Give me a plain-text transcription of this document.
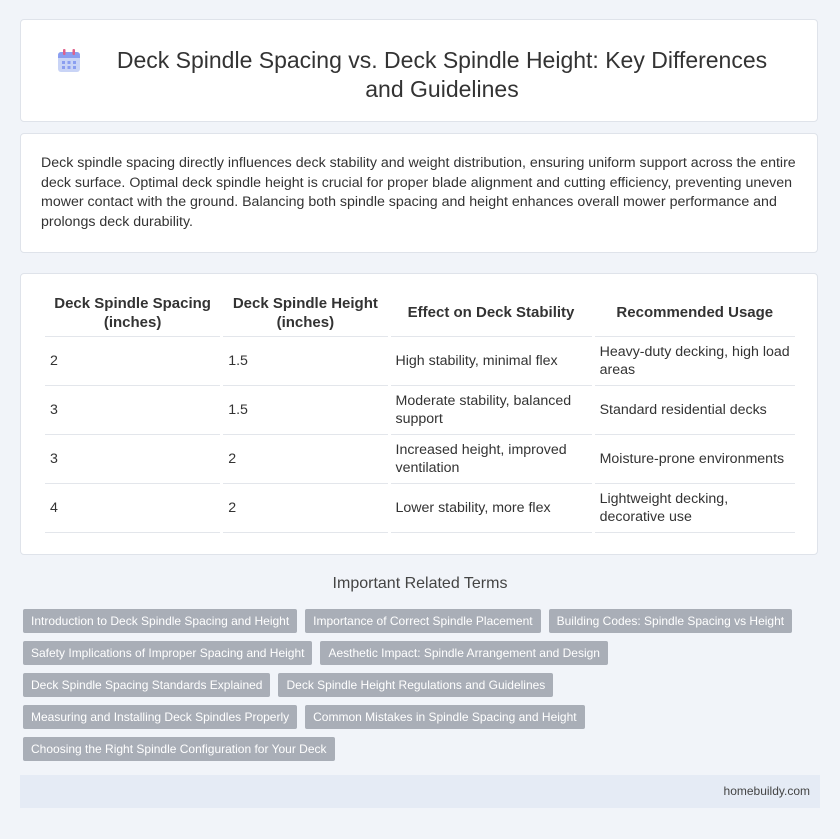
Deck Spindle Spacing vs. Deck Spindle Height: Key Differences and Guidelines

Deck spindle spacing directly influences deck stability and weight distribution, ensuring uniform support across the entire deck surface. Optimal deck spindle height is crucial for proper blade alignment and cutting efficiency, preventing uneven mower contact with the ground. Balancing both spindle spacing and height enhances overall mower performance and prolongs deck durability.

Deck Spindle Spacing (inches)	Deck Spindle Height (inches)	Effect on Deck Stability	Recommended Usage
2	1.5	High stability, minimal flex	Heavy-duty decking, high load areas
3	1.5	Moderate stability, balanced support	Standard residential decks
3	2	Increased height, improved ventilation	Moisture-prone environments
4	2	Lower stability, more flex	Lightweight decking, decorative use
Important Related Terms
Introduction to Deck Spindle Spacing and Height	Importance of Correct Spindle Placement	Building Codes: Spindle Spacing vs Height
Safety Implications of Improper Spacing and Height	Aesthetic Impact: Spindle Arrangement and Design
Deck Spindle Spacing Standards Explained	Deck Spindle Height Regulations and Guidelines
Measuring and Installing Deck Spindles Properly	Common Mistakes in Spindle Spacing and Height
Choosing the Right Spindle Configuration for Your Deck
homebuildy.com
